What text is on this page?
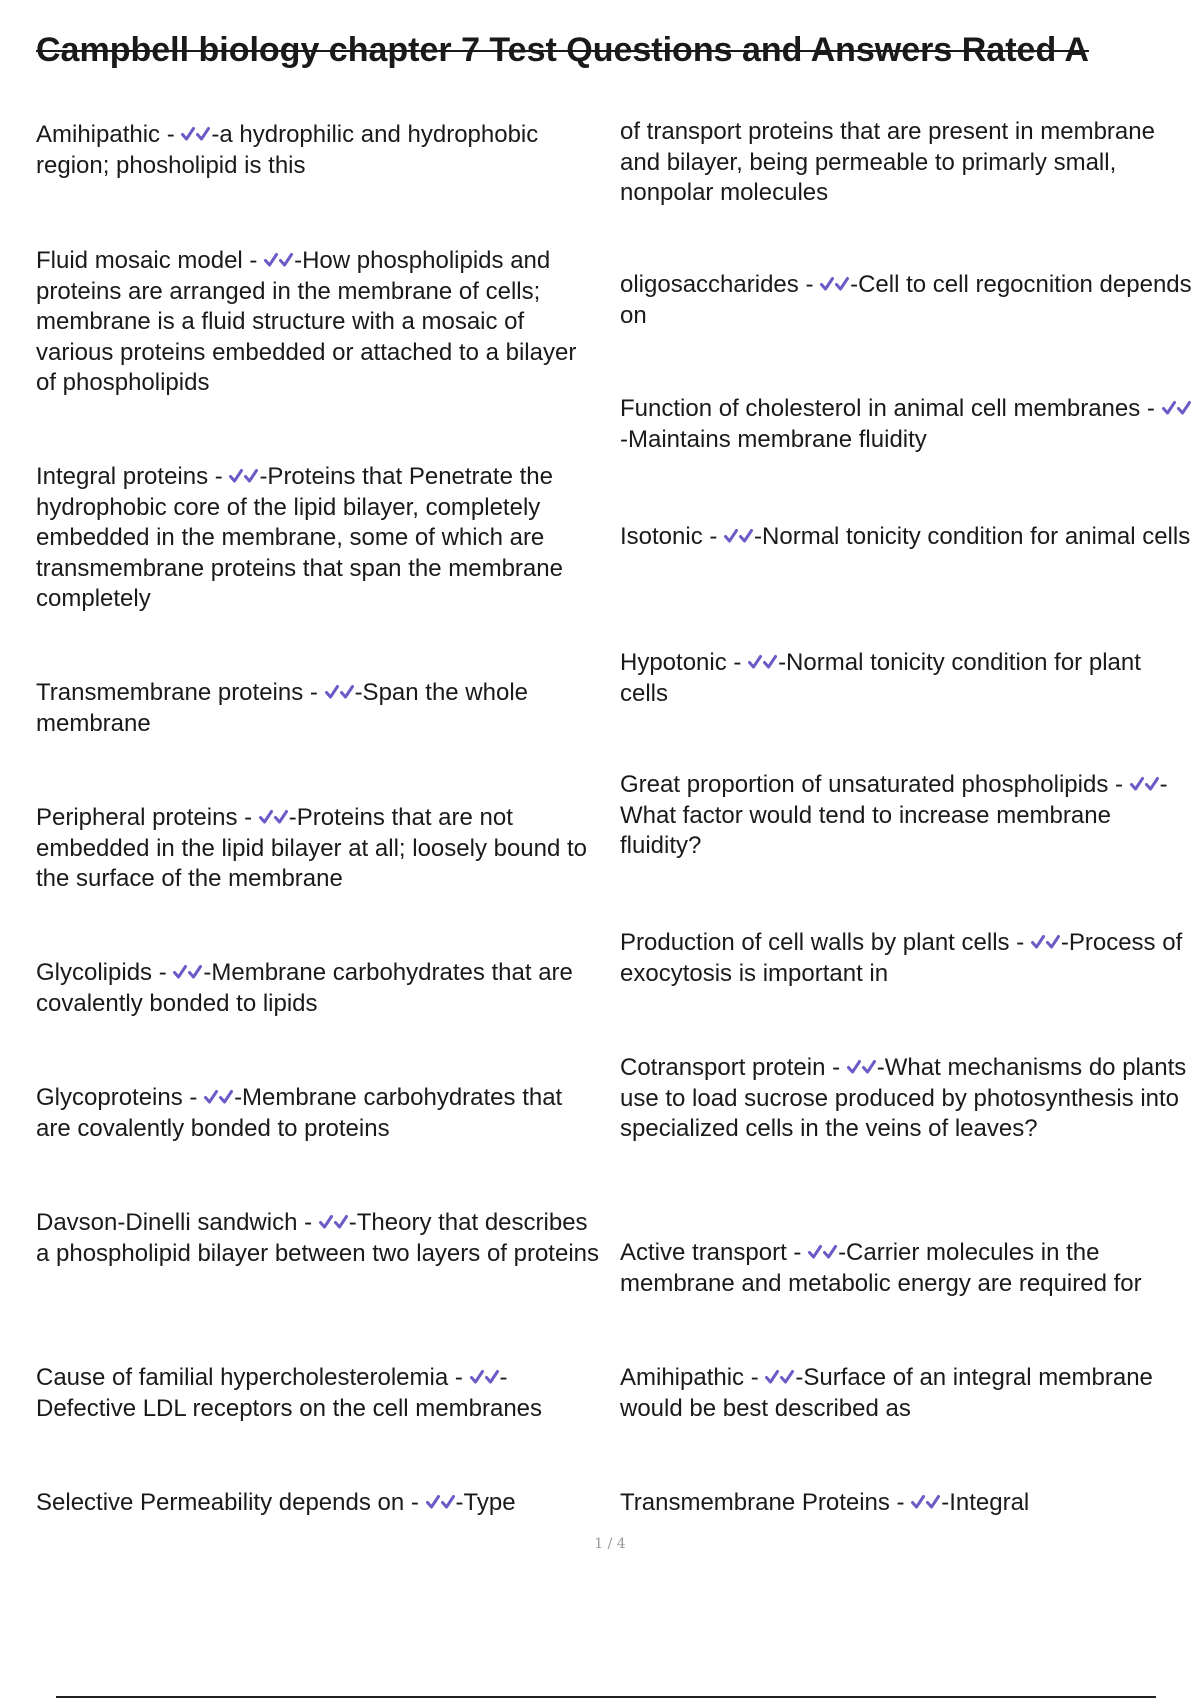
Campbell biology chapter 7 Test Questions and Answers Rated A

Amihipathic -
-a hydrophilic and hydrophobic region; phosholipid is this

Fluid mosaic model -
-How phospholipids and proteins are arranged in the membrane of cells; membrane is a fluid structure with a mosaic of various proteins embedded or attached to a bilayer of phospholipids

Integral proteins -
-Proteins that Penetrate the hydrophobic core of the lipid bilayer, completely embedded in the membrane, some of which are transmembrane proteins that span the membrane completely

Transmembrane proteins -
-Span the whole membrane

Peripheral proteins -
-Proteins that are not embedded in the lipid bilayer at all; loosely bound to the surface of the membrane

Glycolipids -
-Membrane carbohydrates that are covalently bonded to lipids

Glycoproteins -
-Membrane carbohydrates that are covalently bonded to proteins

Davson-Dinelli sandwich -
-Theory that describes a phospholipid bilayer between two layers of proteins

Cause of familial hypercholesterolemia -
-Defective LDL receptors on the cell membranes

Selective Permeability depends on -
-Type

of transport proteins that are present in membrane and bilayer, being permeable to primarly small, nonpolar molecules

oligosaccharides -
-Cell to cell regocnition depends on

Function of cholesterol in animal cell membranes -
-Maintains membrane fluidity

Isotonic -
-Normal tonicity condition for animal cells

Hypotonic -
-Normal tonicity condition for plant cells

Great proportion of unsaturated phospholipids -
-What factor would tend to increase membrane fluidity?

Production of cell walls by plant cells -
-Process of exocytosis is important in

Cotransport protein -
-What mechanisms do plants use to load sucrose produced by photosynthesis into specialized cells in the veins of leaves?

Active transport -
-Carrier molecules in the membrane and metabolic energy are required for

Amihipathic -
-Surface of an integral membrane would be best described as

Transmembrane Proteins -
-Integral

1 / 4
